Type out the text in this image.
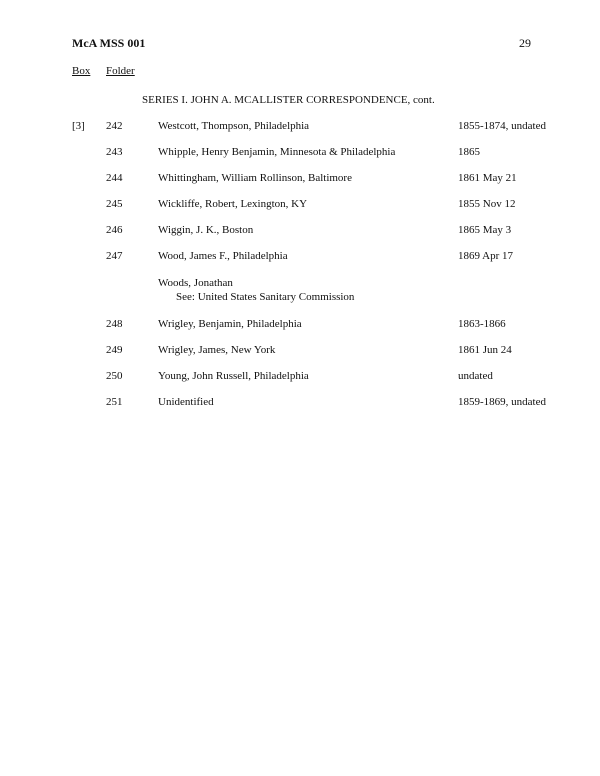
McA MSS 001	29
Box Folder
SERIES I. JOHN A. MCALLISTER CORRESPONDENCE, cont.
[3] 242	Westcott, Thompson, Philadelphia	1855-1874, undated
243	Whipple, Henry Benjamin, Minnesota & Philadelphia	1865
244	Whittingham, William Rollinson, Baltimore	1861 May 21
245	Wickliffe, Robert, Lexington, KY	1855 Nov 12
246	Wiggin, J. K., Boston	1865 May 3
247	Wood, James F., Philadelphia	1869 Apr 17
Woods, Jonathan
See: United States Sanitary Commission
248	Wrigley, Benjamin, Philadelphia	1863-1866
249	Wrigley, James, New York	1861 Jun 24
250	Young, John Russell, Philadelphia	undated
251	Unidentified	1859-1869, undated
